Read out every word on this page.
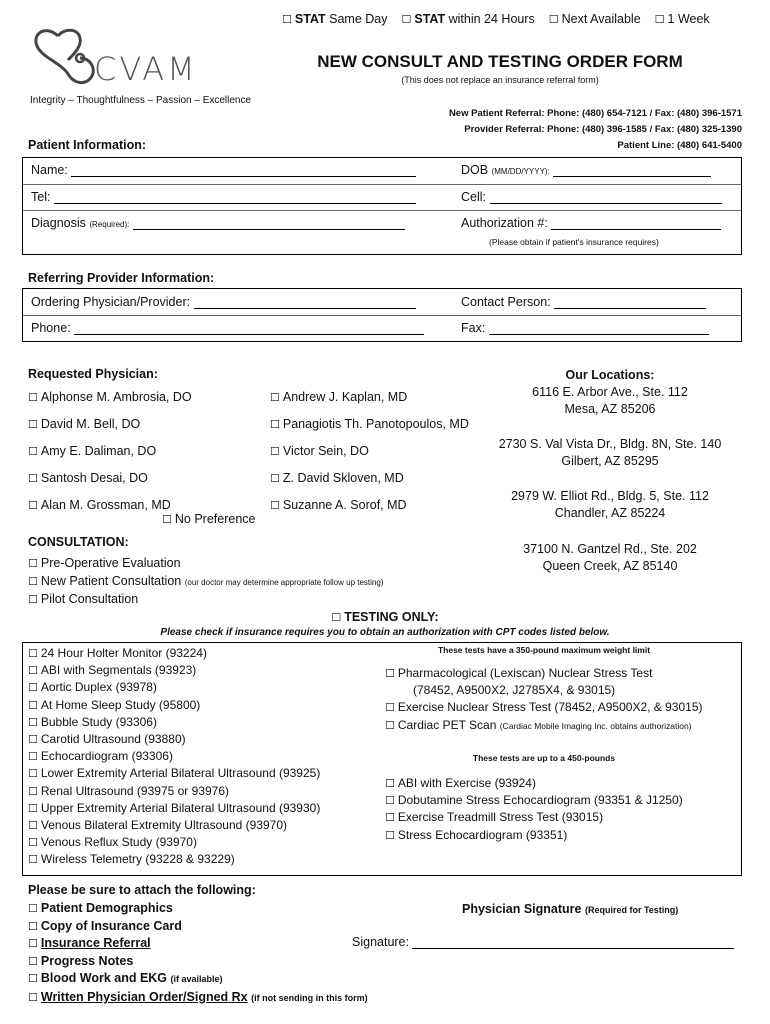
☐ STAT Same Day ☐ STAT within 24 Hours ☐ Next Available ☐ 1 Week
CVAM
Integrity – Thoughtfulness – Passion – Excellence
NEW CONSULT AND TESTING ORDER FORM
(This does not replace an insurance referral form)
New Patient Referral: Phone: (480) 654-7121 / Fax: (480) 396-1571
Provider Referral: Phone: (480) 396-1585 / Fax: (480) 325-1390
Patient Line: (480) 641-5400
Patient Information:
Name:	DOB (MM/DD/YYYY):
Tel:	Cell:
Diagnosis (Required):	Authorization #:
(Please obtain if patient's insurance requires)
Referring Provider Information:
Ordering Physician/Provider:	Contact Person:
Phone:	Fax:
Requested Physician:
☐ Alphonse M. Ambrosia, DO
☐ David M. Bell, DO
☐ Amy E. Daliman, DO
☐ Santosh Desai, DO
☐ Alan M. Grossman, MD
☐ Andrew J. Kaplan, MD
☐ Panagiotis Th. Panotopoulos, MD
☐ Victor Sein, DO
☐ Z. David Skloven, MD
☐ Suzanne A. Sorof, MD
☐ No Preference
Our Locations:
6116 E. Arbor Ave., Ste. 112
Mesa, AZ 85206
2730 S. Val Vista Dr., Bldg. 8N, Ste. 140
Gilbert, AZ 85295
2979 W. Elliot Rd., Bldg. 5, Ste. 112
Chandler, AZ 85224
37100 N. Gantzel Rd., Ste. 202
Queen Creek, AZ 85140
CONSULTATION:
☐ Pre-Operative Evaluation
☐ New Patient Consultation (our doctor may determine appropriate follow up testing)
☐ Pilot Consultation
☐ TESTING ONLY:
Please check if insurance requires you to obtain an authorization with CPT codes listed below.
☐ 24 Hour Holter Monitor (93224)
☐ ABI with Segmentals (93923)
☐ Aortic Duplex (93978)
☐ At Home Sleep Study (95800)
☐ Bubble Study (93306)
☐ Carotid Ultrasound (93880)
☐ Echocardiogram (93306)
☐ Lower Extremity Arterial Bilateral Ultrasound (93925)
☐ Renal Ultrasound (93975 or 93976)
☐ Upper Extremity Arterial Bilateral Ultrasound (93930)
☐ Venous Bilateral Extremity Ultrasound (93970)
☐ Venous Reflux Study (93970)
☐ Wireless Telemetry (93228 & 93229)
These tests have a 350-pound maximum weight limit
☐ Pharmacological (Lexiscan) Nuclear Stress Test
(78452, A9500X2, J2785X4, & 93015)
☐ Exercise Nuclear Stress Test (78452, A9500X2, & 93015)
☐ Cardiac PET Scan (Cardiac Mobile Imaging Inc. obtains authorization)
These tests are up to a 450-pounds
☐ ABI with Exercise (93924)
☐ Dobutamine Stress Echocardiogram (93351 & J1250)
☐ Exercise Treadmill Stress Test (93015)
☐ Stress Echocardiogram (93351)
Please be sure to attach the following:
☐ Patient Demographics
☐ Copy of Insurance Card
☐ Insurance Referral
☐ Progress Notes
☐ Blood Work and EKG (if available)
☐ Written Physician Order/Signed Rx (if not sending in this form)
Physician Signature (Required for Testing)
Signature:
